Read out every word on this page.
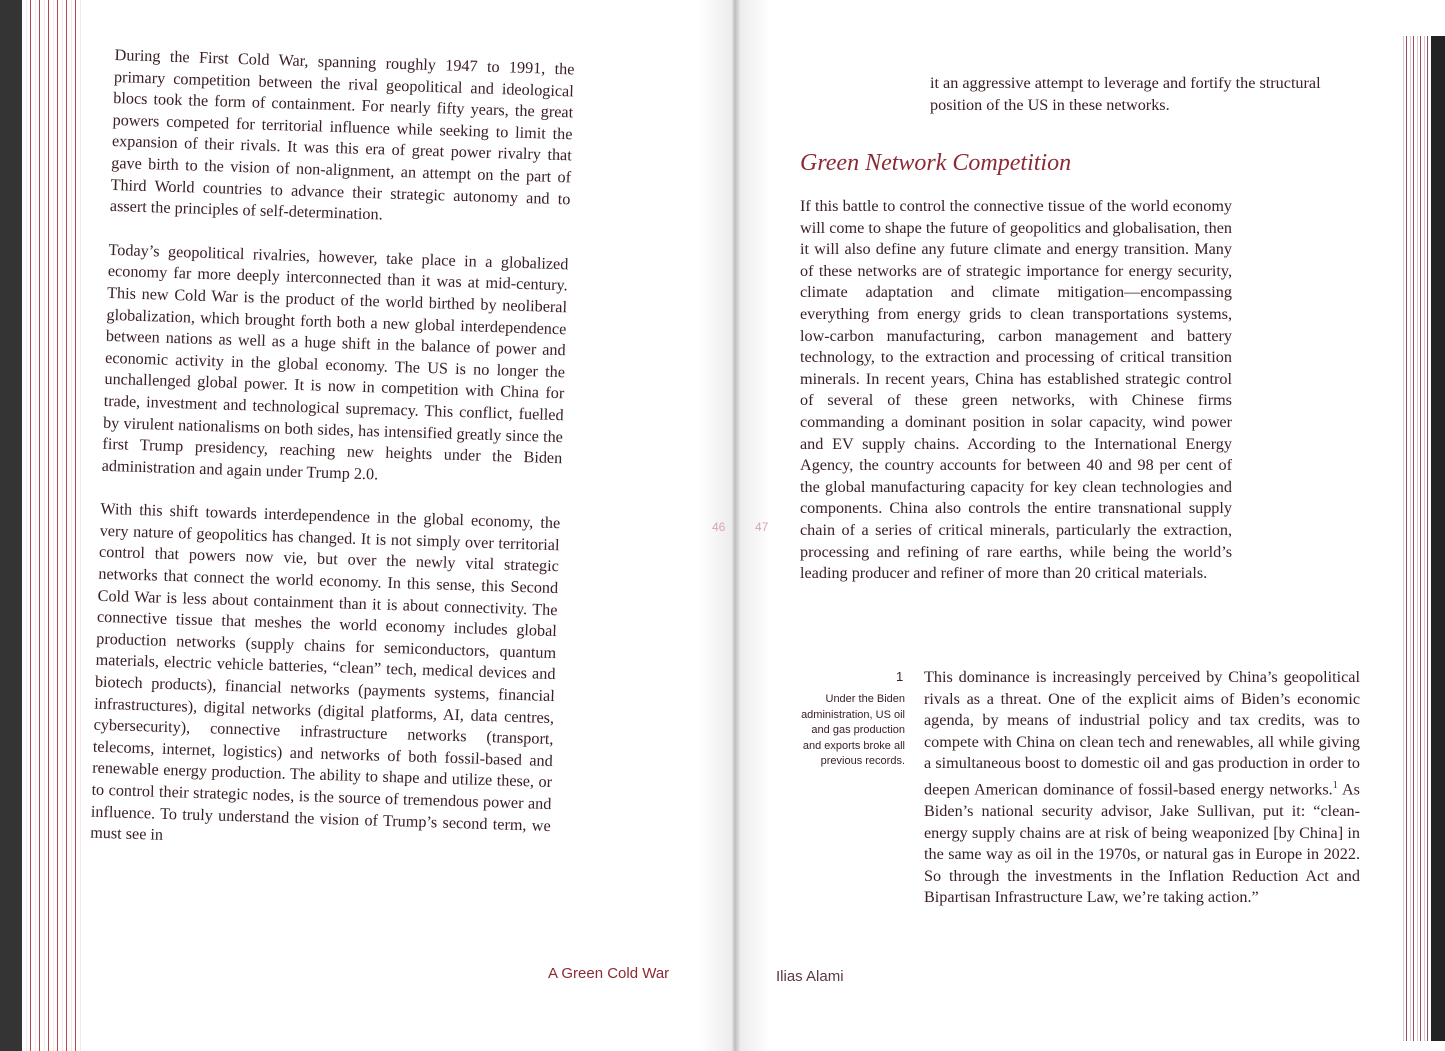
During the First Cold War, spanning roughly 1947 to 1991, the primary competition between the rival geopolitical and ideological blocs took the form of containment. For nearly fifty years, the great powers competed for territorial influence while seeking to limit the expansion of their rivals. It was this era of great power rivalry that gave birth to the vision of non-alignment, an attempt on the part of Third World countries to advance their strategic autonomy and to assert the principles of self-determination.

Today’s geopolitical rivalries, however, take place in a globalized economy far more deeply interconnected than it was at mid-century. This new Cold War is the product of the world birthed by neoliberal globalization, which brought forth both a new global interdependence between nations as well as a huge shift in the balance of power and economic activity in the global economy. The US is no longer the unchallenged global power. It is now in competition with China for trade, investment and technological supremacy. This conflict, fuelled by virulent nationalisms on both sides, has intensified greatly since the first Trump presidency, reaching new heights under the Biden administration and again under Trump 2.0.

With this shift towards interdependence in the global economy, the very nature of geopolitics has changed. It is not simply over territorial control that powers now vie, but over the newly vital strategic networks that connect the world economy. In this sense, this Second Cold War is less about containment than it is about connectivity. The connective tissue that meshes the world economy includes global production networks (supply chains for semiconductors, quantum materials, electric vehicle batteries, “clean” tech, medical devices and biotech products), financial networks (payments systems, financial infrastructures), digital networks (digital platforms, AI, data centres, cybersecurity), connective infrastructure networks (transport, telecoms, internet, logistics) and networks of both fossil-based and renewable energy production. The ability to shape and utilize these, or to control their strategic nodes, is the source of tremendous power and influence. To truly understand the vision of Trump’s second term, we must see in

46 47
A Green Cold War
it an aggressive attempt to leverage and fortify the structural position of the US in these networks.
Green Network Competition
If this battle to control the connective tissue of the world economy will come to shape the future of geopolitics and globalisation, then it will also define any future climate and energy transition. Many of these networks are of strategic importance for energy security, climate adaptation and climate mitigation—encompassing everything from energy grids to clean transportations systems, low-carbon manufacturing, carbon management and battery technology, to the extraction and processing of critical transition minerals. In recent years, China has established strategic control of several of these green networks, with Chinese firms commanding a dominant position in solar capacity, wind power and EV supply chains. According to the International Energy Agency, the country accounts for between 40 and 98 per cent of the global manufacturing capacity for key clean technologies and components. China also controls the entire transnational supply chain of a series of critical minerals, particularly the extraction, processing and refining of rare earths, while being the world’s leading producer and refiner of more than 20 critical materials.
1
Under the Biden administration, US oil and gas production and exports broke all previous records.
This dominance is increasingly perceived by China’s geopolitical rivals as a threat. One of the explicit aims of Biden’s economic agenda, by means of industrial policy and tax credits, was to compete with China on clean tech and renewables, all while giving a simultaneous boost to domestic oil and gas production in order to deepen American dominance of fossil-based energy networks.$^1$ As Biden’s national security advisor, Jake Sullivan, put it: “clean-energy supply chains are at risk of being weaponized [by China] in the same way as oil in the 1970s, or natural gas in Europe in 2022. So through the investments in the Inflation Reduction Act and Bipartisan Infrastructure Law, we’re taking action.”
Ilias Alami
